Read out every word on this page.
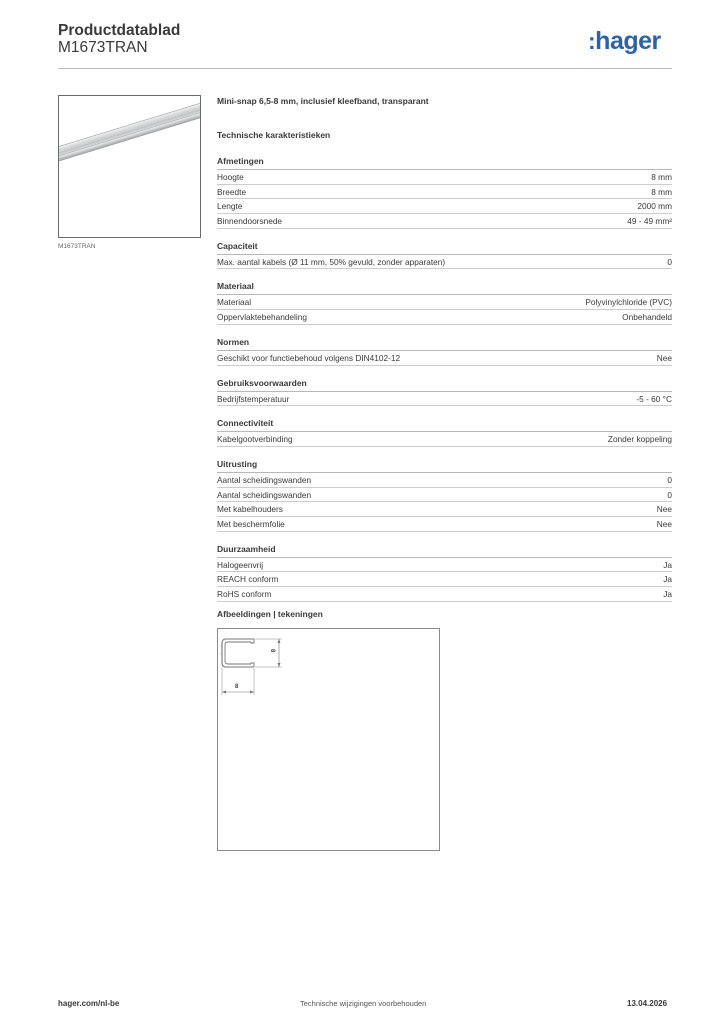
Productdatablad
M1673TRAN	:hager
M1673TRAN
Mini-snap 6,5-8 mm, inclusief kleefband, transparant
Technische karakteristieken
Afmetingen
Hoogte	8 mm
Breedte	8 mm
Lengte	2000 mm
Binnendoorsnede	49 - 49 mm²
Capaciteit
Max. aantal kabels (Ø 11 mm, 50% gevuld, zonder apparaten)	0
Materiaal
Materiaal	Polyvinylchloride (PVC)
Oppervlaktebehandeling	Onbehandeld
Normen
Geschikt voor functiebehoud volgens DIN4102-12	Nee
Gebruiksvoorwaarden
Bedrijfstemperatuur	-5 - 60 °C
Connectiviteit
Kabelgootverbinding	Zonder koppeling
Uitrusting
Aantal scheidingswanden	0
Aantal scheidingswanden	0
Met kabelhouders	Nee
Met beschermfolie	Nee
Duurzaamheid
Halogeenvrij	Ja
REACH conform	Ja
RoHS conform	Ja
Afbeeldingen | tekeningen
8
8
hager.com/nl-be	Technische wijzigingen voorbehouden	13.04.2026
